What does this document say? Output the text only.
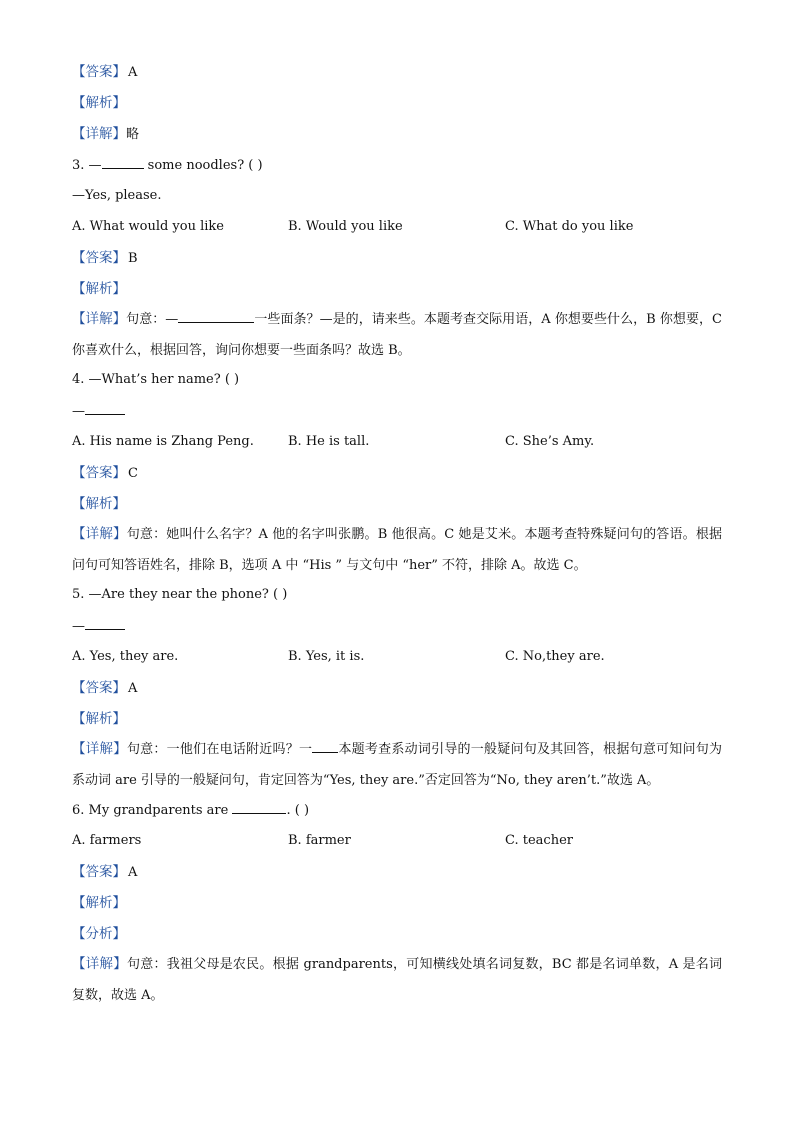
【答案】 A
【解析】
【详解】略
3. —	some noodles? ( )
—Yes, please.
A. What would you like	B. Would you like	C. What do you like
【答案】 B
【解析】
【详解】句意：—	一些面条？—是的，请来些。本题考查交际用语，A 你想要些什么，B 你想要，C 你喜欢什么，根据回答，询问你想要一些面条吗？故选 B。
4. —What’s her name? ( )
—
A. His name is Zhang Peng.	B. He is tall.	C. She’s Amy.
【答案】 C
【解析】
【详解】句意：她叫什么名字？A 他的名字叫张鹏。B 他很高。C 她是艾米。本题考查特殊疑问句的答语。根据问句可知答语姓名，排除 B，选项 A 中 “His ” 与文句中 “her” 不符，排除 A。故选 C。
5. —Are they near the phone? ( )
—
A. Yes, they are.	B. Yes, it is.	C. No,they are.
【答案】 A
【解析】
【详解】句意：一他们在电话附近吗？一 本题考查系动词引导的一般疑问句及其回答，根据句意可知问句为系动词 are 引导的一般疑问句，肯定回答为“Yes, they are.”否定回答为“No, they aren’t.”故选 A。
6. My grandparents are	. ( )
A. farmers	B. farmer	C. teacher
【答案】 A
【解析】
【分析】
【详解】句意：我祖父母是农民。根据 grandparents，可知横线处填名词复数，BC 都是名词单数，A 是名词复数，故选 A。
